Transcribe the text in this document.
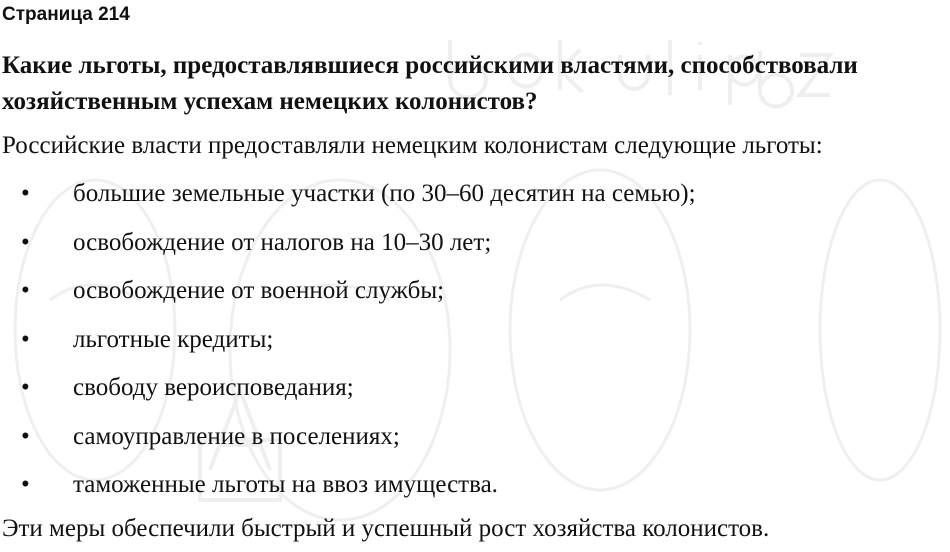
Страница 214
Какие льготы, предоставлявшиеся российскими властями, способствовали хозяйственным успехам немецких колонистов?

Российские власти предоставляли немецким колонистам следующие льготы:

• большие земельные участки (по 30–60 десятин на семью);
• освобождение от налогов на 10–30 лет;
• освобождение от военной службы;
• льготные кредиты;
• свободу вероисповедания;
• самоуправление в поселениях;
• таможенные льготы на ввоз имущества.

Эти меры обеспечили быстрый и успешный рост хозяйства колонистов.
